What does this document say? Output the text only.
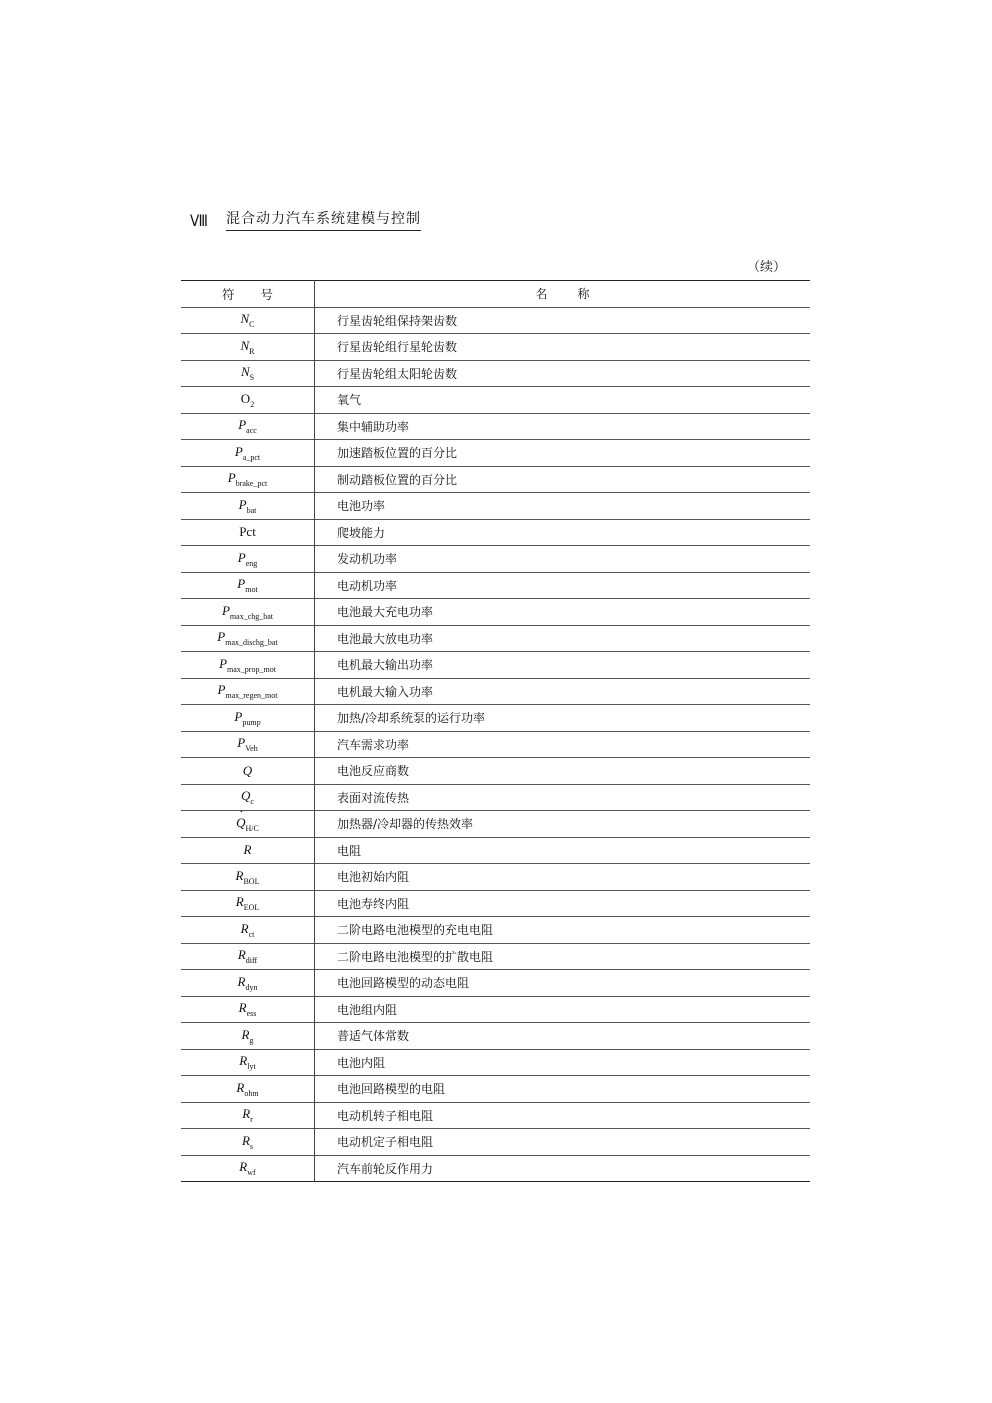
Ⅷ	混合动力汽车系统建模与控制
（续）
符号	名称
$N_C$	行星齿轮组保持架齿数
$N_R$	行星齿轮组行星轮齿数
$N_S$	行星齿轮组太阳轮齿数
$O_2$	氧气
$P_{acc}$	集中辅助功率
$P_{a\_pct}$	加速踏板位置的百分比
$P_{brake\_pct}$	制动踏板位置的百分比
$P_{bat}$	电池功率
Pct	爬坡能力
$P_{eng}$	发动机功率
$P_{mot}$	电动机功率
$P_{max\_chg\_bat}$	电池最大充电功率
$P_{max\_dischg\_bat}$	电池最大放电功率
$P_{max\_prop\_mot}$	电机最大输出功率
$P_{max\_regen\_mot}$	电机最大输入功率
$P_{pump}$	加热/冷却系统泵的运行功率
$P_{Veh}$	汽车需求功率
Q	电池反应商数
$Q_c$	表面对流传热
· $Q_{H/C}$	加热器/冷却器的传热效率
R	电阻
$R_{BOL}$	电池初始内阻
$R_{EOL}$	电池寿终内阻
$R_{ct}$	二阶电路电池模型的充电电阻
$R_{diff}$	二阶电路电池模型的扩散电阻
$R_{dyn}$	电池回路模型的动态电阻
$R_{ess}$	电池组内阻
$R_g$	普适气体常数
$R_{lyt}$	电池内阻
$R_{ohm}$	电池回路模型的电阻
$R_r$	电动机转子相电阻
$R_s$	电动机定子相电阻
$R_{wf}$	汽车前轮反作用力
